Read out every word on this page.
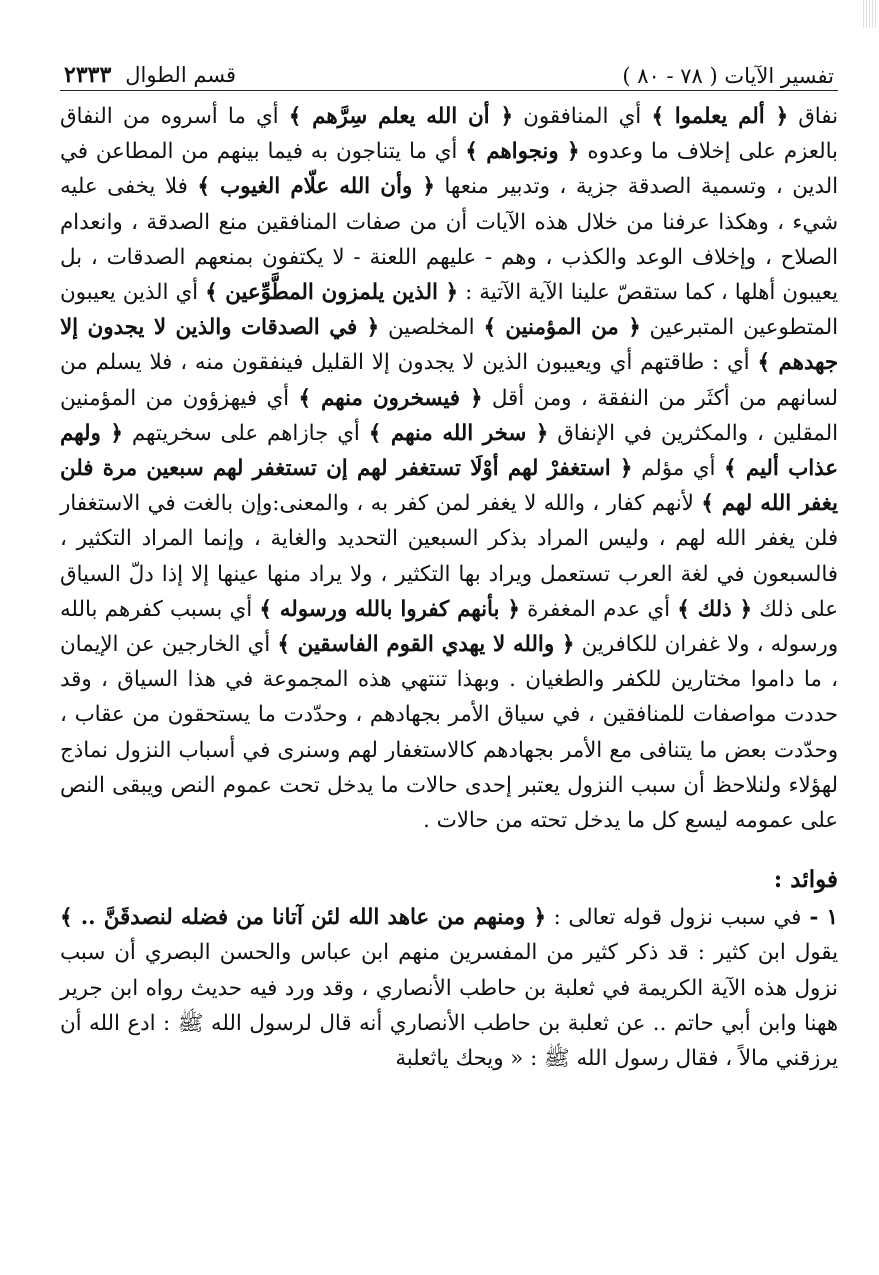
تفسير الآيات ( ٧٨ - ٨٠ )
قسم الطوال
٢٣٣٣

نفاق ﴿ ألم يعلموا ﴾ أي المنافقون ﴿ أن الله يعلم سِرَّهم ﴾ أي ما أسروه من النفاق بالعزم على إخلاف ما وعدوه ﴿ ونجواهم ﴾ أي ما يتناجون به فيما بينهم من المطاعن في الدين ، وتسمية الصدقة جزية ، وتدبير منعها ﴿ وأن الله علّام الغيوب ﴾ فلا يخفى عليه شيء ، وهكذا عرفنا من خلال هذه الآيات أن من صفات المنافقين منع الصدقة ، وانعدام الصلاح ، وإخلاف الوعد والكذب ، وهم - عليهم اللعنة - لا يكتفون بمنعهم الصدقات ، بل يعيبون أهلها ، كما ستقصّ علينا الآية الآتية : ﴿ الذين يلمزون المطَّوِّعين ﴾ أي الذين يعيبون المتطوعين المتبرعين ﴿ من المؤمنين ﴾ المخلصين ﴿ في الصدقات والذين لا يجدون إلا جهدهم ﴾ أي : طاقتهم أي ويعيبون الذين لا يجدون إلا القليل فينفقون منه ، فلا يسلم من لسانهم من أكثَر من النفقة ، ومن أقل ﴿ فيسخرون منهم ﴾ أي فيهزؤون من المؤمنين المقلين ، والمكثرين في الإنفاق ﴿ سخر الله منهم ﴾ أي جازاهم على سخريتهم ﴿ ولهم عذاب أليم ﴾ أي مؤلم ﴿ استغفرْ لهم أوْلَا تستغفر لهم إن تستغفر لهم سبعين مرة فلن يغفر الله لهم ﴾ لأنهم كفار ، والله لا يغفر لمن كفر به ، والمعنى:وإن بالغت في الاستغفار فلن يغفر الله لهم ، وليس المراد بذكر السبعين التحديد والغاية ، وإنما المراد التكثير ، فالسبعون في لغة العرب تستعمل ويراد بها التكثير ، ولا يراد منها عينها إلا إذا دلّ السياق على ذلك ﴿ ذلك ﴾ أي عدم المغفرة ﴿ بأنهم كفروا بالله ورسوله ﴾ أي بسبب كفرهم بالله ورسوله ، ولا غفران للكافرين ﴿ والله لا يهدي القوم الفاسقين ﴾ أي الخارجين عن الإيمان ، ما داموا مختارين للكفر والطغيان . وبهذا تنتهي هذه المجموعة في هذا السياق ، وقد حددت مواصفات للمنافقين ، في سياق الأمر بجهادهم ، وحدّدت ما يستحقون من عقاب ، وحدّدت بعض ما يتنافى مع الأمر بجهادهم كالاستغفار لهم وسنرى في أسباب النزول نماذج لهؤلاء ولنلاحظ أن سبب النزول يعتبر إحدى حالات ما يدخل تحت عموم النص ويبقى النص على عمومه ليسع كل ما يدخل تحته من حالات .

فوائد :

١ - في سبب نزول قوله تعالى : ﴿ ومنهم من عاهد الله لئن آتانا من فضله لنصدقَنَّ .. ﴾ يقول ابن كثير : قد ذكر كثير من المفسرين منهم ابن عباس والحسن البصري أن سبب نزول هذه الآية الكريمة في ثعلبة بن حاطب الأنصاري ، وقد ورد فيه حديث رواه ابن جرير ههنا وابن أبي حاتم .. عن ثعلبة بن حاطب الأنصاري أنه قال لرسول الله ﷺ : ادع الله أن يرزقني مالاً ، فقال رسول الله ﷺ : « ويحك ياثعلبة
